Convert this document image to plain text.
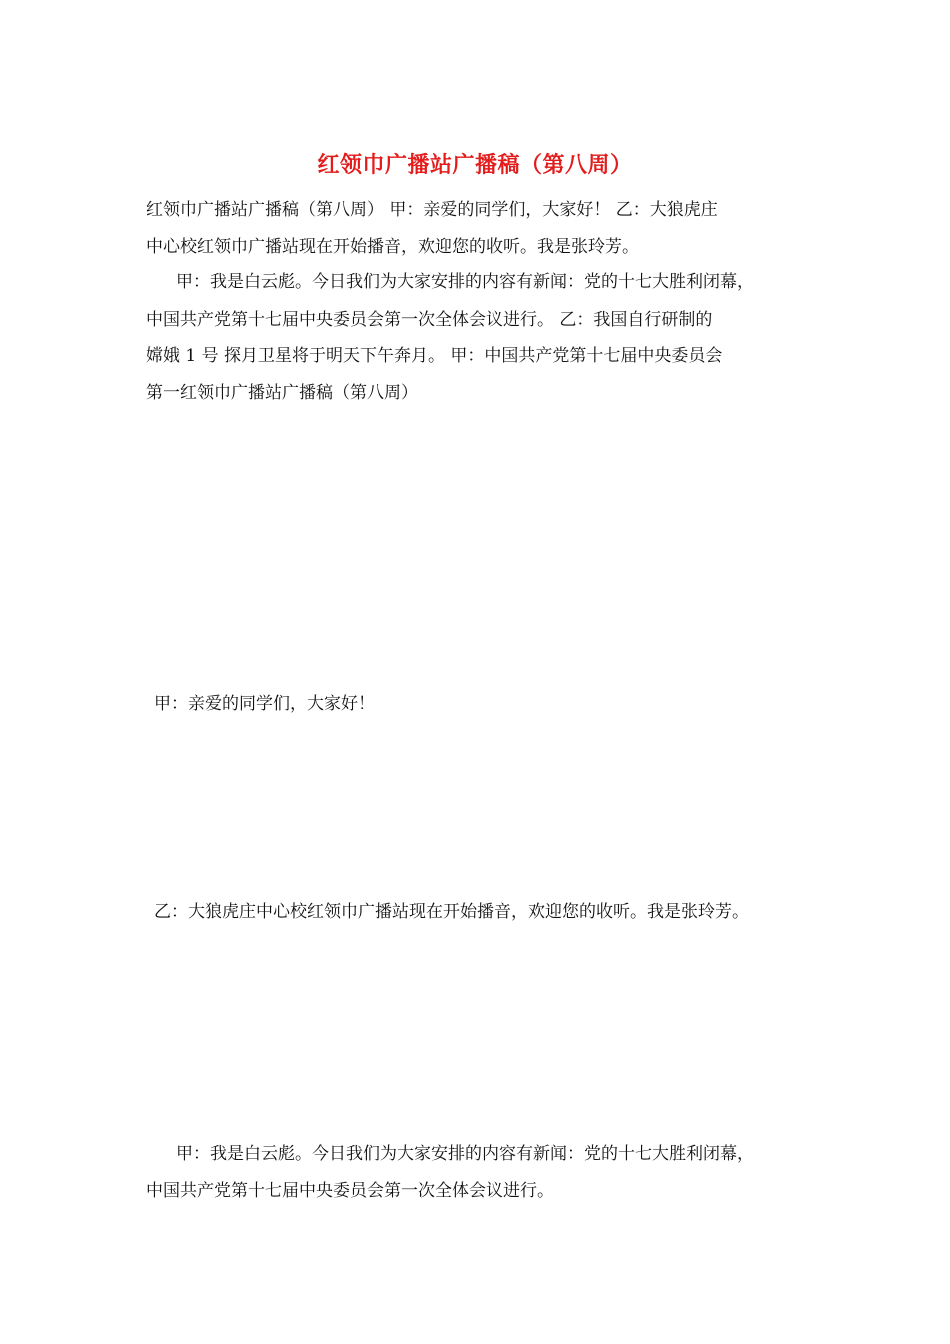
红领巾广播站广播稿（第八周）
红领巾广播站广播稿（第八周） 甲：亲爱的同学们，大家好！ 乙：大狼虎庄
中心校红领巾广播站现在开始播音，欢迎您的收听。我是张玲芳。
甲：我是白云彪。今日我们为大家安排的内容有新闻：党的十七大胜利闭幕，
中国共产党第十七届中央委员会第一次全体会议进行。 乙：我国自行研制的
嫦娥 1 号 探月卫星将于明天下午奔月。 甲：中国共产党第十七届中央委员会
第一红领巾广播站广播稿（第八周）
甲：亲爱的同学们，大家好！
乙：大狼虎庄中心校红领巾广播站现在开始播音，欢迎您的收听。我是张玲芳。
甲：我是白云彪。今日我们为大家安排的内容有新闻：党的十七大胜利闭幕，
中国共产党第十七届中央委员会第一次全体会议进行。
